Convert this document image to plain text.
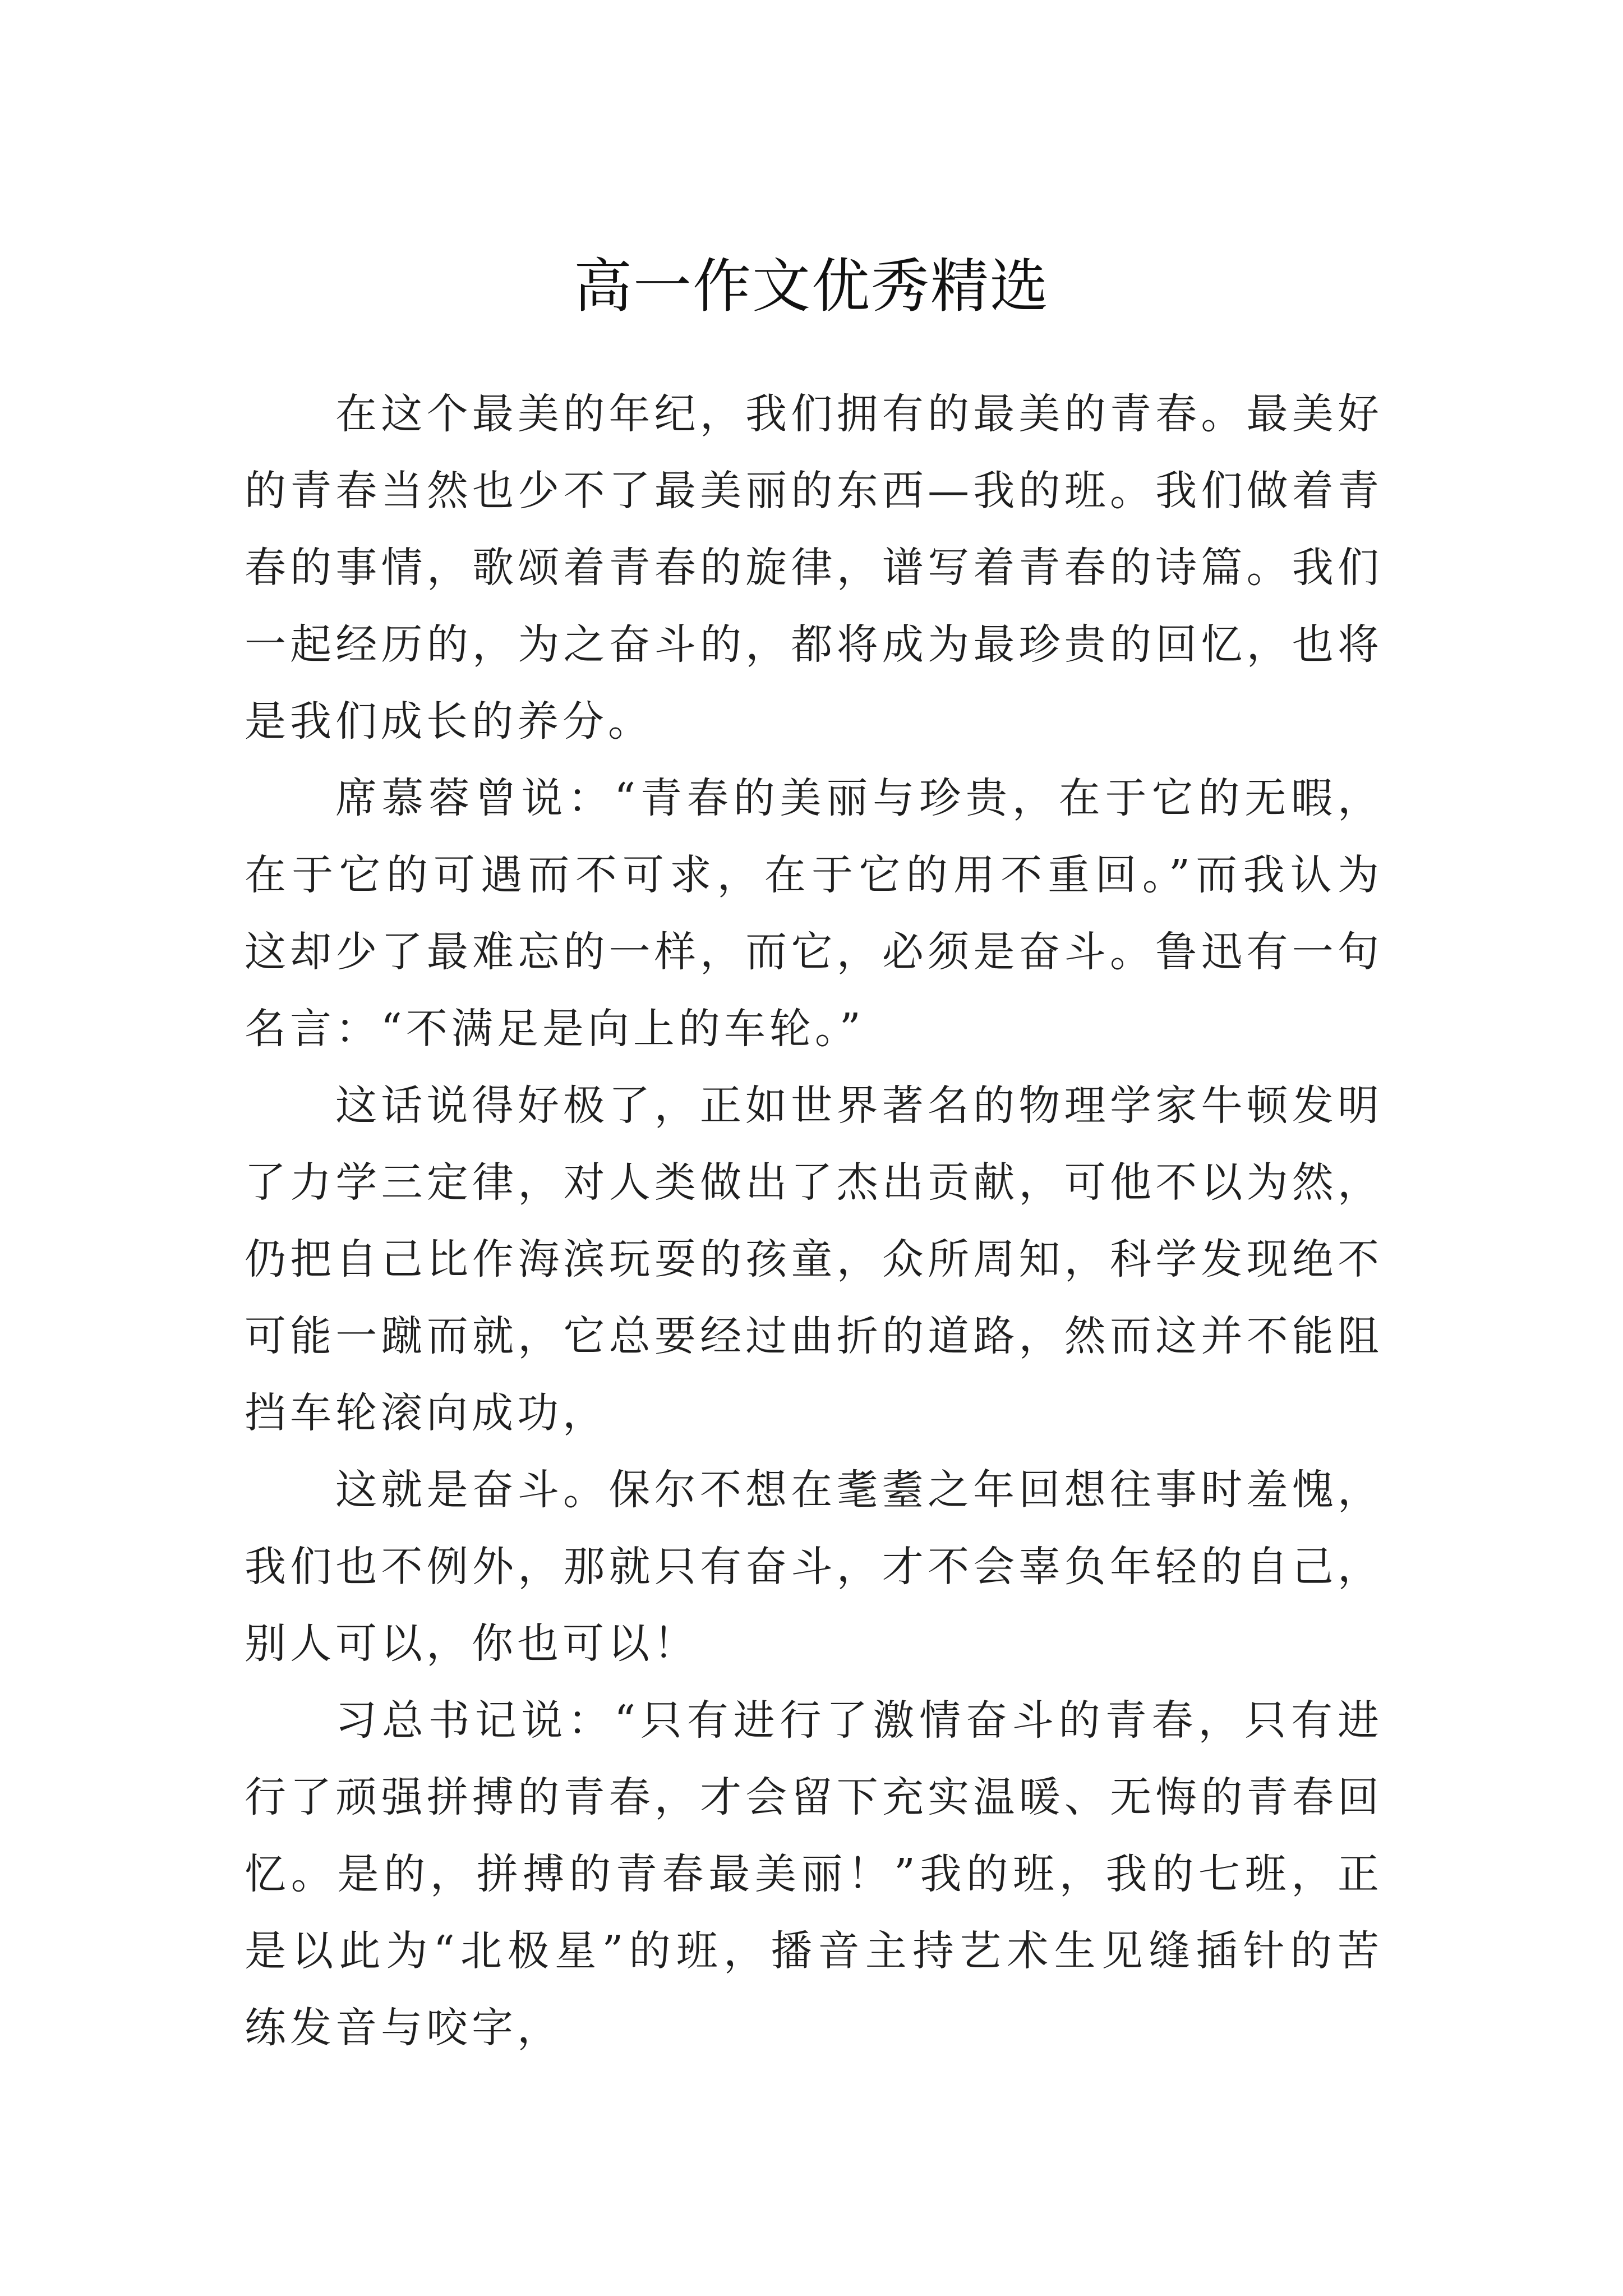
高一作文优秀精选

在这个最美的年纪，我们拥有的最美的青春。最美好的青春当然也少不了最美丽的东西—我的班。我们做着青春的事情，歌颂着青春的旋律，谱写着青春的诗篇。我们一起经历的，为之奋斗的，都将成为最珍贵的回忆，也将是我们成长的养分。

席慕蓉曾说：“青春的美丽与珍贵，在于它的无暇，在于它的可遇而不可求，在于它的用不重回。”而我认为这却少了最难忘的一样，而它，必须是奋斗。鲁迅有一句名言：“不满足是向上的车轮。”

这话说得好极了，正如世界著名的物理学家牛顿发明了力学三定律，对人类做出了杰出贡献，可他不以为然，仍把自己比作海滨玩耍的孩童，众所周知，科学发现绝不可能一蹴而就，它总要经过曲折的道路，然而这并不能阻挡车轮滚向成功，

这就是奋斗。保尔不想在耄耋之年回想往事时羞愧，我们也不例外，那就只有奋斗，才不会辜负年轻的自己，别人可以，你也可以！

习总书记说：“只有进行了激情奋斗的青春，只有进行了顽强拼搏的青春，才会留下充实温暖、无悔的青春回忆。是的，拼搏的青春最美丽！”我的班，我的七班，正是以此为“北极星”的班，播音主持艺术生见缝插针的苦练发音与咬字，
